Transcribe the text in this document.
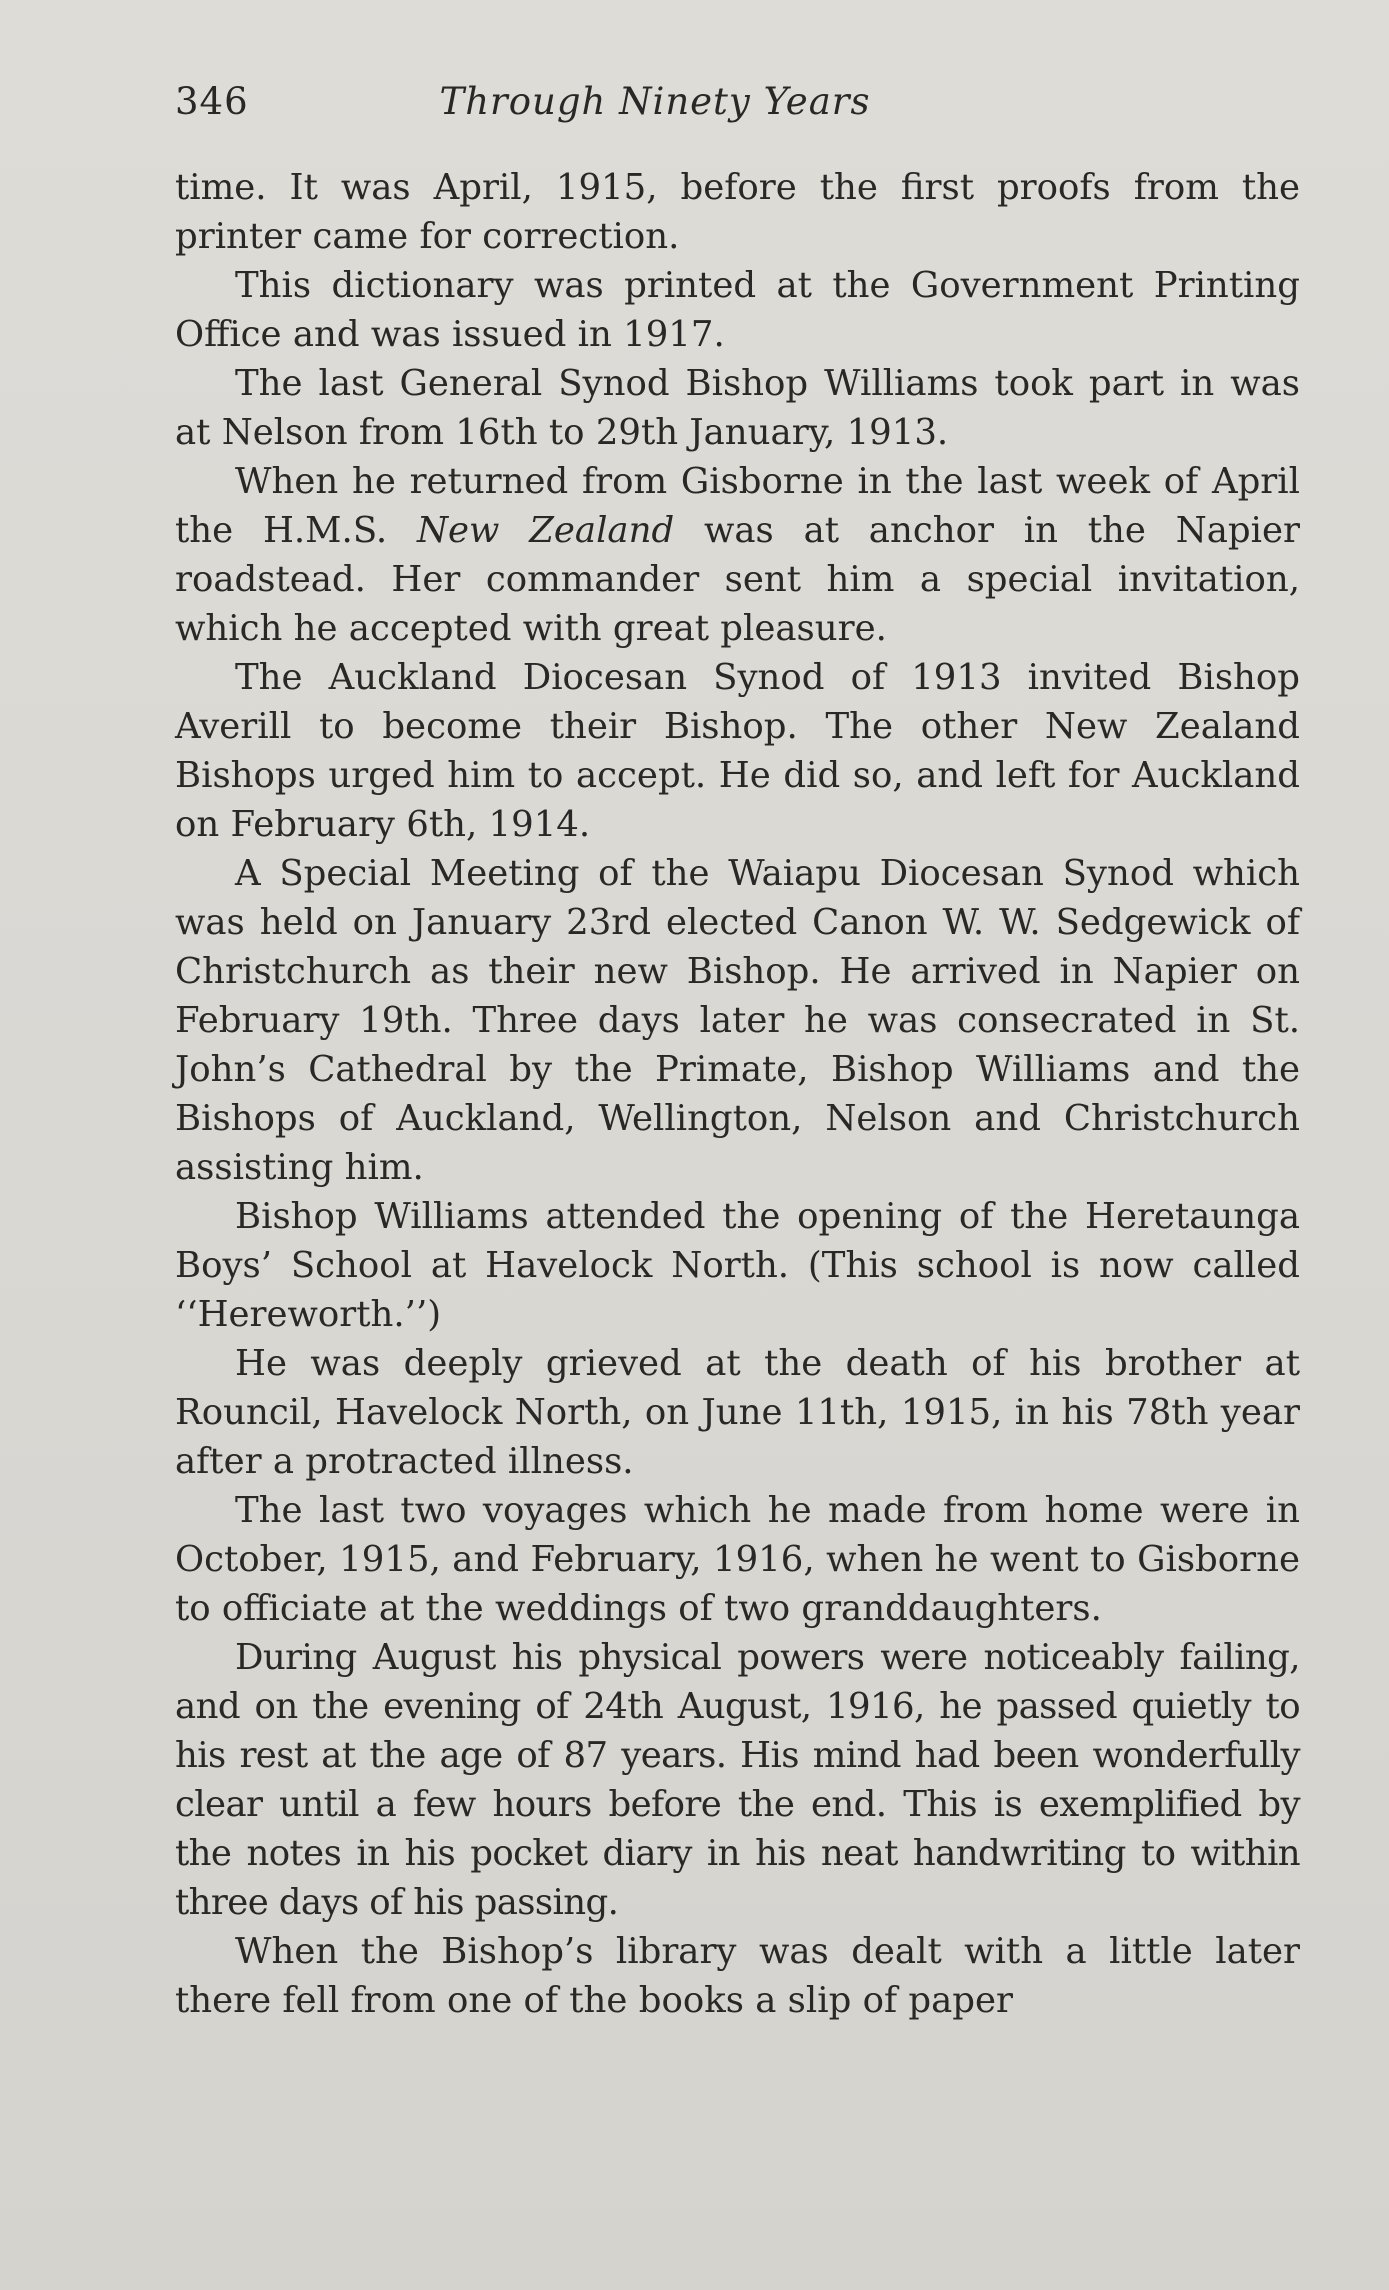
346	Through Ninety Years

time. It was April, 1915, before the first proofs from the printer came for correction.

This dictionary was printed at the Government Printing Office and was issued in 1917.

The last General Synod Bishop Williams took part in was at Nelson from 16th to 29th January, 1913.

When he returned from Gisborne in the last week of April the H.M.S. New Zealand was at anchor in the Napier roadstead. Her commander sent him a special invitation, which he accepted with great pleasure.

The Auckland Diocesan Synod of 1913 invited Bishop Averill to become their Bishop. The other New Zealand Bishops urged him to accept. He did so, and left for Auckland on February 6th, 1914.

A Special Meeting of the Waiapu Diocesan Synod which was held on January 23rd elected Canon W. W. Sedgewick of Christchurch as their new Bishop. He arrived in Napier on February 19th. Three days later he was consecrated in St. John’s Cathedral by the Primate, Bishop Williams and the Bishops of Auckland, Wellington, Nelson and Christchurch assisting him.

Bishop Williams attended the opening of the Heretaunga Boys’ School at Havelock North. (This school is now called ‘‘Hereworth.’’)

He was deeply grieved at the death of his brother at Rouncil, Havelock North, on June 11th, 1915, in his 78th year after a protracted illness.

The last two voyages which he made from home were in October, 1915, and February, 1916, when he went to Gisborne to officiate at the weddings of two granddaughters.

During August his physical powers were noticeably failing, and on the evening of 24th August, 1916, he passed quietly to his rest at the age of 87 years. His mind had been wonderfully clear until a few hours before the end. This is exemplified by the notes in his pocket diary in his neat handwriting to within three days of his passing.

When the Bishop’s library was dealt with a little later there fell from one of the books a slip of paper
